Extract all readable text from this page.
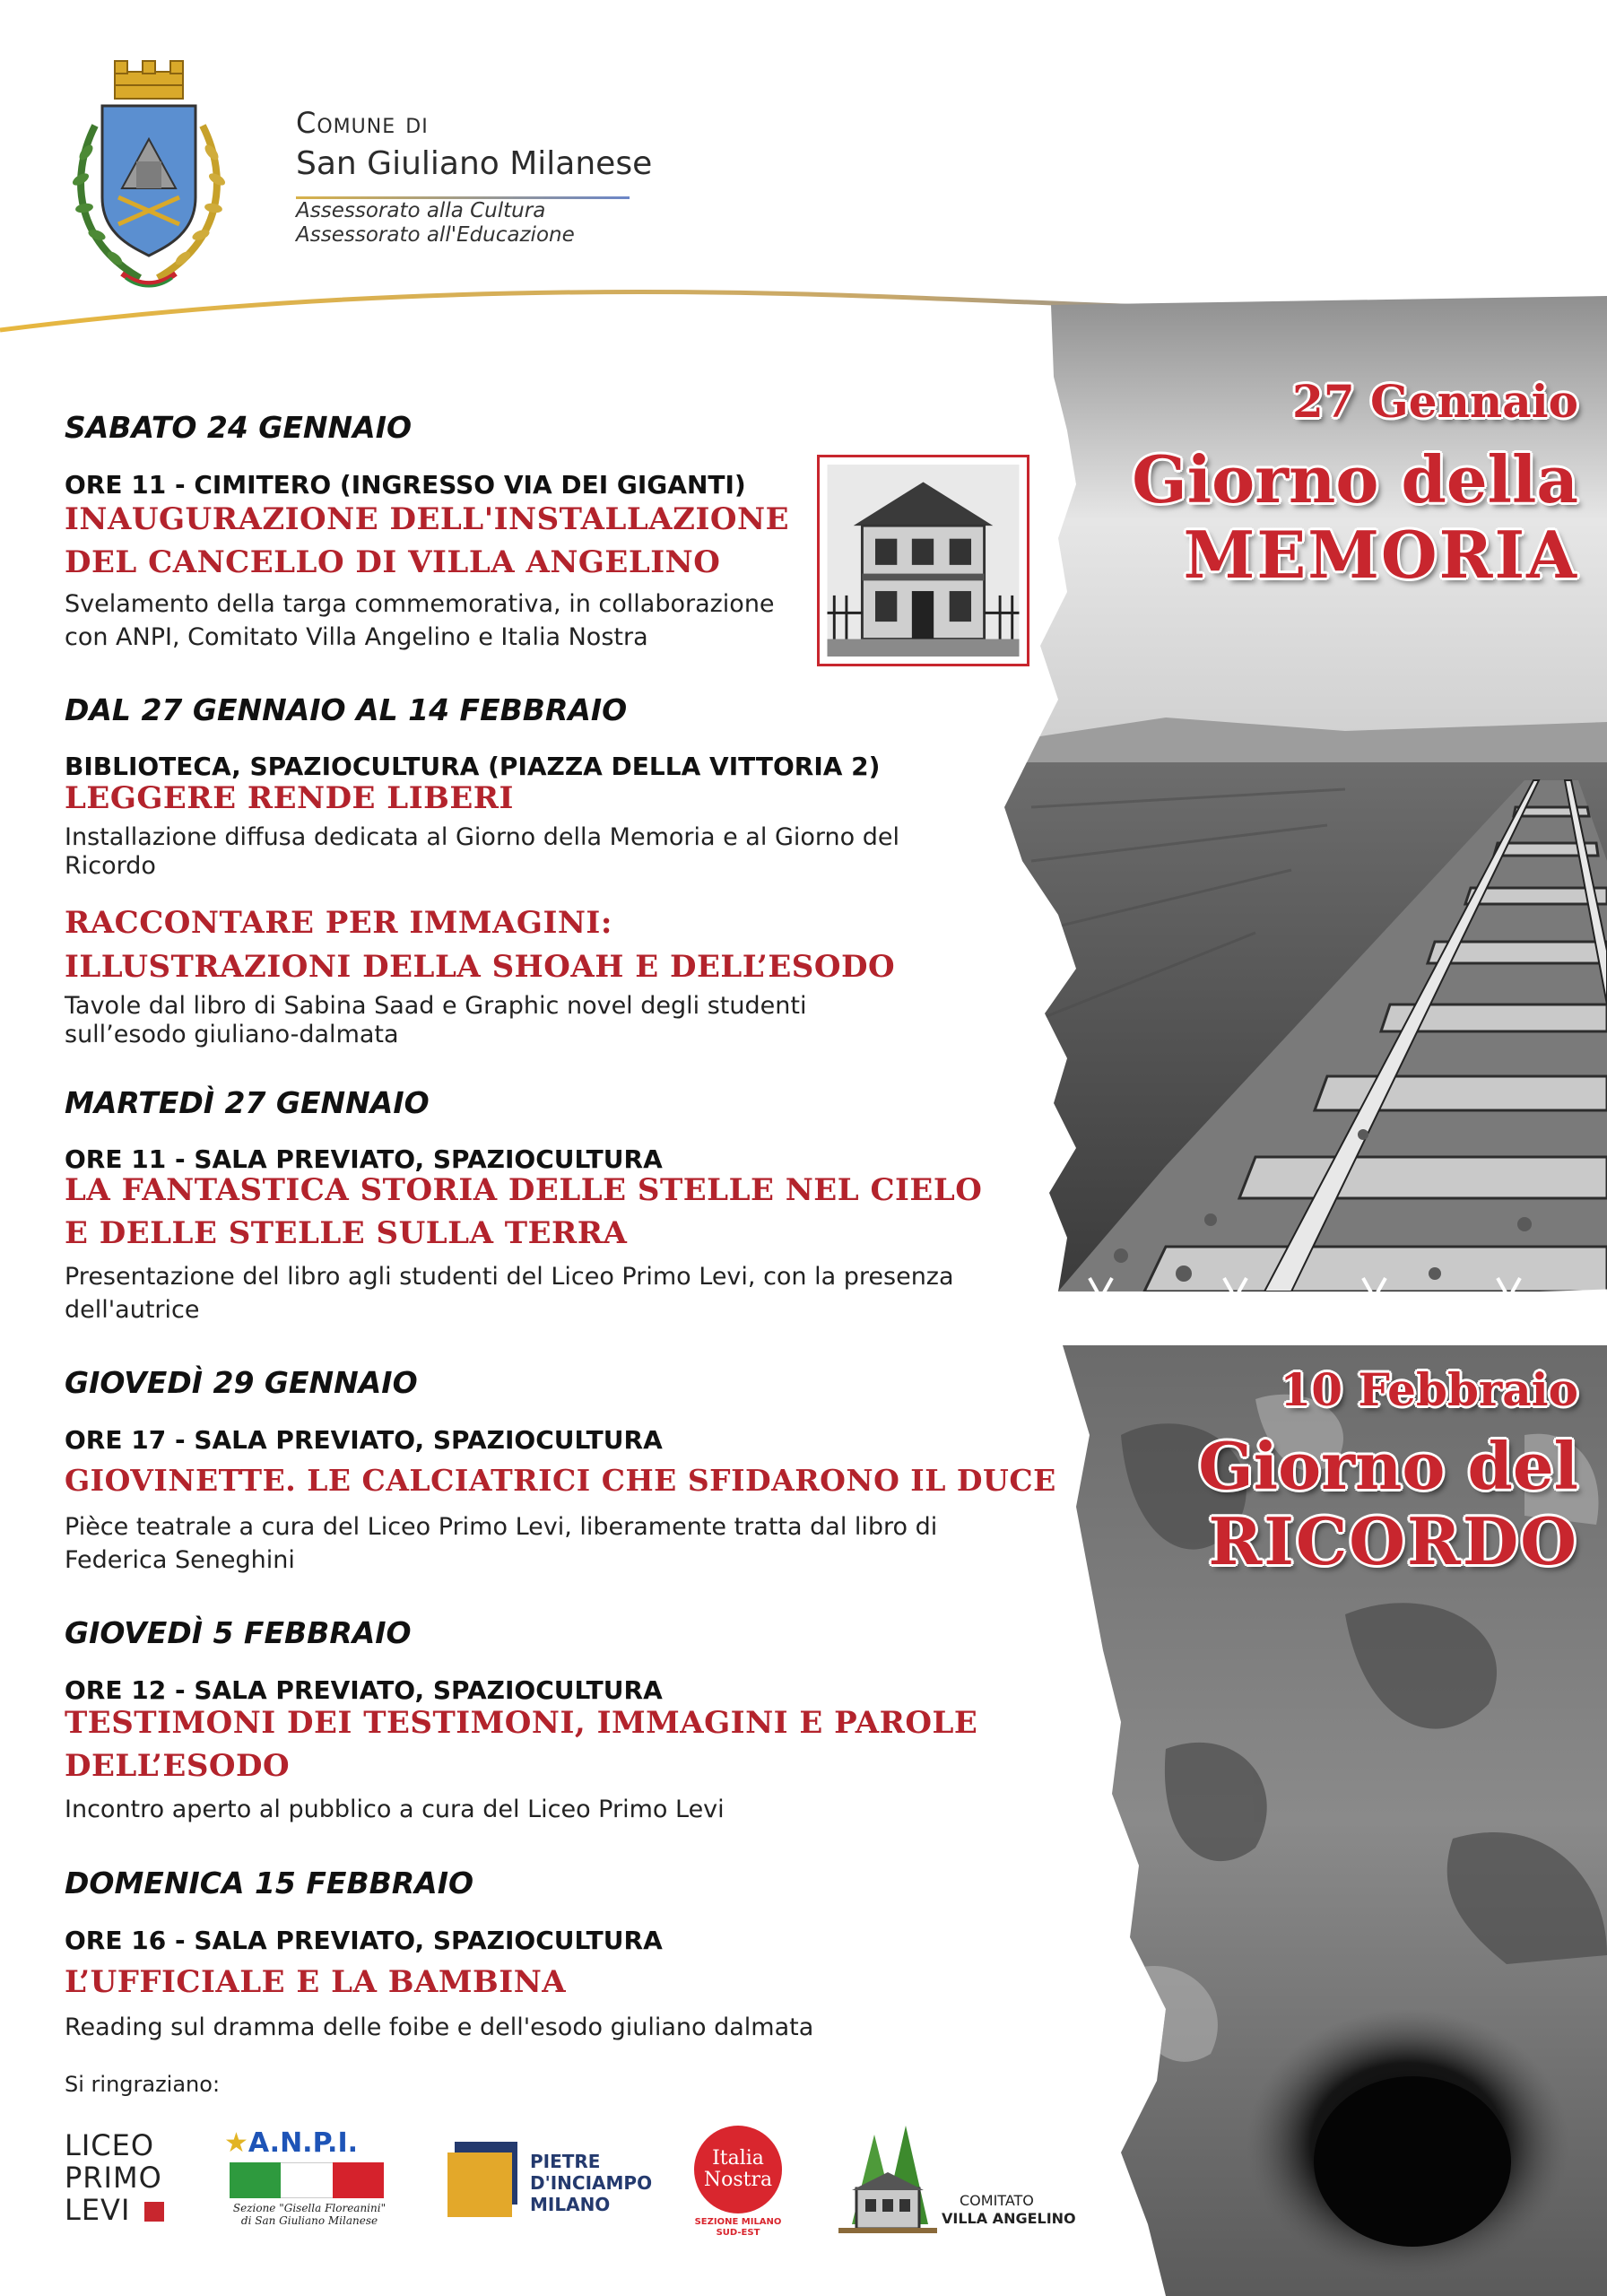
Comune di
San Giuliano Milanese
Assessorato alla Cultura
Assessorato all'Educazione
27 Gennaio
Giorno della
MEMORIA
10 Febbraio
Giorno del
RICORDO
SABATO 24 GENNAIO
ORE 11 - CIMITERO (INGRESSO VIA DEI GIGANTI)
INAUGURAZIONE DELL'INSTALLAZIONE
DEL CANCELLO DI VILLA ANGELINO
Svelamento della targa commemorativa, in collaborazione
con ANPI, Comitato Villa Angelino e Italia Nostra
DAL 27 GENNAIO AL 14 FEBBRAIO
BIBLIOTECA, SPAZIOCULTURA (PIAZZA DELLA VITTORIA 2)
LEGGERE RENDE LIBERI
Installazione diffusa dedicata al Giorno della Memoria e al Giorno del
Ricordo
RACCONTARE PER IMMAGINI:
ILLUSTRAZIONI DELLA SHOAH E DELL’ESODO
Tavole dal libro di Sabina Saad e Graphic novel degli studenti
sull’esodo giuliano-dalmata
MARTEDÌ 27 GENNAIO
ORE 11 - SALA PREVIATO, SPAZIOCULTURA
LA FANTASTICA STORIA DELLE STELLE NEL CIELO
E DELLE STELLE SULLA TERRA
Presentazione del libro agli studenti del Liceo Primo Levi, con la presenza
dell'autrice
GIOVEDÌ 29 GENNAIO
ORE 17 - SALA PREVIATO, SPAZIOCULTURA
GIOVINETTE. LE CALCIATRICI CHE SFIDARONO IL DUCE
Pièce teatrale a cura del Liceo Primo Levi, liberamente tratta dal libro di
Federica Seneghini
GIOVEDÌ 5 FEBBRAIO
ORE 12 - SALA PREVIATO, SPAZIOCULTURA
TESTIMONI DEI TESTIMONI, IMMAGINI E PAROLE
DELL’ESODO
Incontro aperto al pubblico a cura del Liceo Primo Levi
DOMENICA 15 FEBBRAIO
ORE 16 - SALA PREVIATO, SPAZIOCULTURA
L’UFFICIALE E LA BAMBINA
Reading sul dramma delle foibe e dell'esodo giuliano dalmata
Si ringraziano:
LICEO
PRIMO
LEVI
★A.N.P.I.
Sezione "Gisella Floreanini"
di San Giuliano Milanese
PIETRE
D'INCIAMPO
MILANO
Italia
Nostra
SEZIONE MILANO
SUD-EST
COMITATO
VILLA ANGELINO
